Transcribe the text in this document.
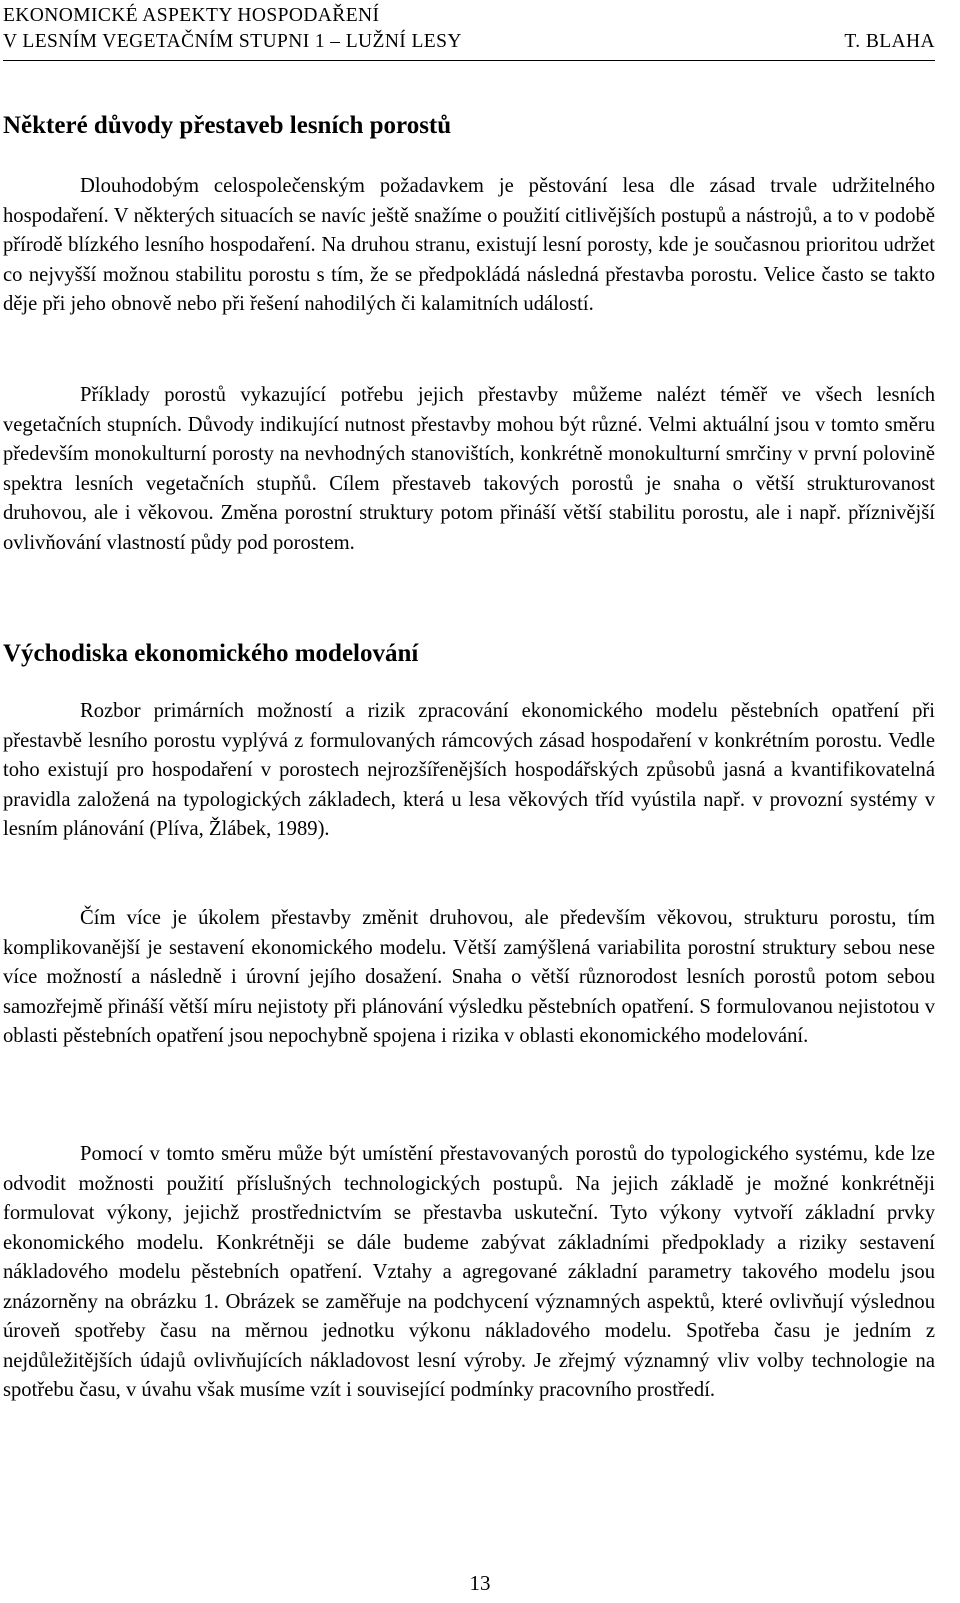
EKONOMICKÉ ASPEKTY HOSPODAŘENÍ
V LESNÍM VEGETAČNÍM STUPNI 1 – LUŽNÍ LESY	T. BLAHA
Některé důvody přestaveb lesních porostů

Dlouhodobým celospolečenským požadavkem je pěstování lesa dle zásad trvale udržitelného hospodaření. V některých situacích se navíc ještě snažíme o použití citlivějších postupů a nástrojů, a to v podobě přírodě blízkého lesního hospodaření. Na druhou stranu, existují lesní porosty, kde je současnou prioritou udržet co nejvyšší možnou stabilitu porostu s tím, že se předpokládá následná přestavba porostu. Velice často se takto děje při jeho obnově nebo při řešení nahodilých či kalamitních událostí.

Příklady porostů vykazující potřebu jejich přestavby můžeme nalézt téměř ve všech lesních vegetačních stupních. Důvody indikující nutnost přestavby mohou být různé. Velmi aktuální jsou v tomto směru především monokulturní porosty na nevhodných stanovištích, konkrétně monokulturní smrčiny v první polovině spektra lesních vegetačních stupňů. Cílem přestaveb takových porostů je snaha o větší strukturovanost druhovou, ale i věkovou. Změna porostní struktury potom přináší větší stabilitu porostu, ale i např. příznivější ovlivňování vlastností půdy pod porostem.

Východiska ekonomického modelování

Rozbor primárních možností a rizik zpracování ekonomického modelu pěstebních opatření při přestavbě lesního porostu vyplývá z formulovaných rámcových zásad hospodaření v konkrétním porostu. Vedle toho existují pro hospodaření v porostech nejrozšířenějších hospodářských způsobů jasná a kvantifikovatelná pravidla založená na typologických základech, která u lesa věkových tříd vyústila např. v provozní systémy v lesním plánování (Plíva, Žlábek, 1989).

Čím více je úkolem přestavby změnit druhovou, ale především věkovou, strukturu porostu, tím komplikovanější je sestavení ekonomického modelu. Větší zamýšlená variabilita porostní struktury sebou nese více možností a následně i úrovní jejího dosažení. Snaha o větší různorodost lesních porostů potom sebou samozřejmě přináší větší míru nejistoty při plánování výsledku pěstebních opatření. S formulovanou nejistotou v oblasti pěstebních opatření jsou nepochybně spojena i rizika v oblasti ekonomického modelování.

Pomocí v tomto směru může být umístění přestavovaných porostů do typologického systému, kde lze odvodit možnosti použití příslušných technologických postupů. Na jejich základě je možné konkrétněji formulovat výkony, jejichž prostřednictvím se přestavba uskuteční. Tyto výkony vytvoří základní prvky ekonomického modelu. Konkrétněji se dále budeme zabývat základními předpoklady a riziky sestavení nákladového modelu pěstebních opatření. Vztahy a agregované základní parametry takového modelu jsou znázorněny na obrázku 1. Obrázek se zaměřuje na podchycení významných aspektů, které ovlivňují výslednou úroveň spotřeby času na měrnou jednotku výkonu nákladového modelu. Spotřeba času je jedním z nejdůležitějších údajů ovlivňujících nákladovost lesní výroby. Je zřejmý významný vliv volby technologie na spotřebu času, v úvahu však musíme vzít i související podmínky pracovního prostředí.

13
